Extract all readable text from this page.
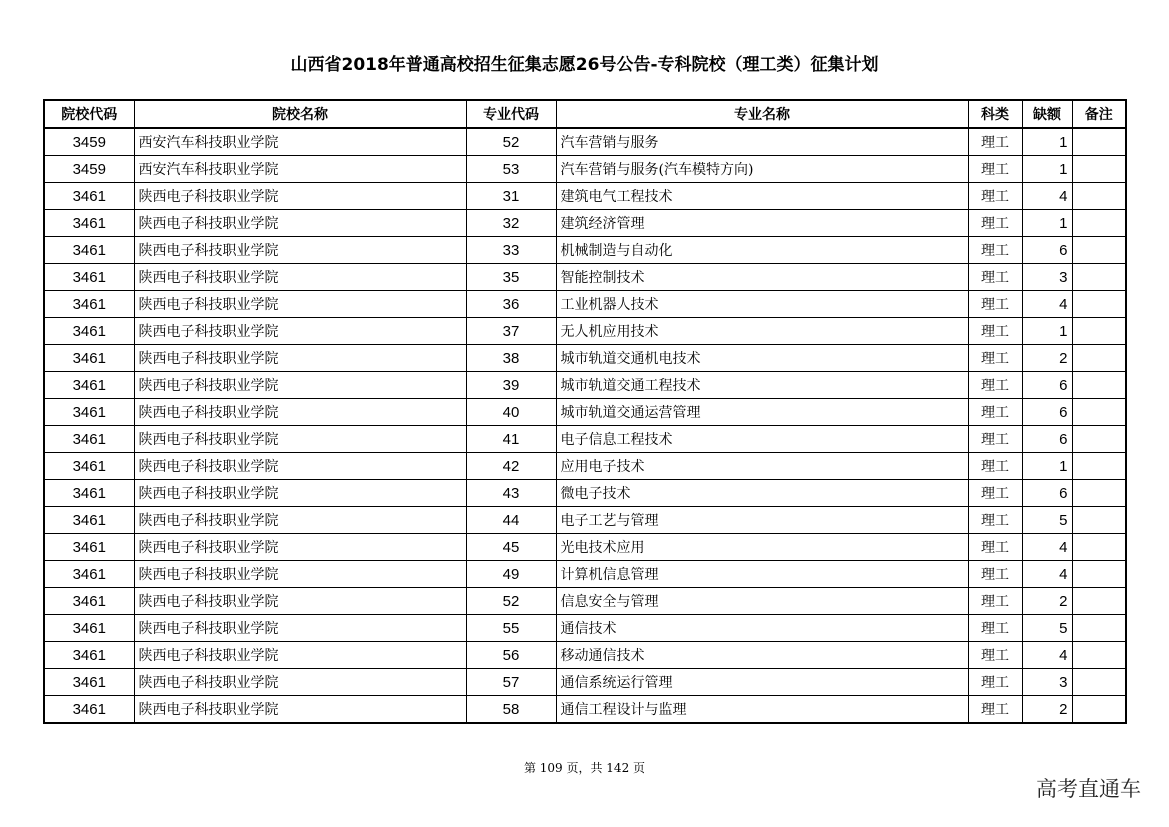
山西省2018年普通高校招生征集志愿26号公告-专科院校（理工类）征集计划
院校代码	院校名称	专业代码	专业名称	科类	缺额	备注
3459	西安汽车科技职业学院	52	汽车营销与服务	理工	1	
3459	西安汽车科技职业学院	53	汽车营销与服务(汽车模特方向)	理工	1	
3461	陕西电子科技职业学院	31	建筑电气工程技术	理工	4	
3461	陕西电子科技职业学院	32	建筑经济管理	理工	1	
3461	陕西电子科技职业学院	33	机械制造与自动化	理工	6	
3461	陕西电子科技职业学院	35	智能控制技术	理工	3	
3461	陕西电子科技职业学院	36	工业机器人技术	理工	4	
3461	陕西电子科技职业学院	37	无人机应用技术	理工	1	
3461	陕西电子科技职业学院	38	城市轨道交通机电技术	理工	2	
3461	陕西电子科技职业学院	39	城市轨道交通工程技术	理工	6	
3461	陕西电子科技职业学院	40	城市轨道交通运营管理	理工	6	
3461	陕西电子科技职业学院	41	电子信息工程技术	理工	6	
3461	陕西电子科技职业学院	42	应用电子技术	理工	1	
3461	陕西电子科技职业学院	43	微电子技术	理工	6	
3461	陕西电子科技职业学院	44	电子工艺与管理	理工	5	
3461	陕西电子科技职业学院	45	光电技术应用	理工	4	
3461	陕西电子科技职业学院	49	计算机信息管理	理工	4	
3461	陕西电子科技职业学院	52	信息安全与管理	理工	2	
3461	陕西电子科技职业学院	55	通信技术	理工	5	
3461	陕西电子科技职业学院	56	移动通信技术	理工	4	
3461	陕西电子科技职业学院	57	通信系统运行管理	理工	3	
3461	陕西电子科技职业学院	58	通信工程设计与监理	理工	2	
第 109 页，共 142 页
高考直通车
